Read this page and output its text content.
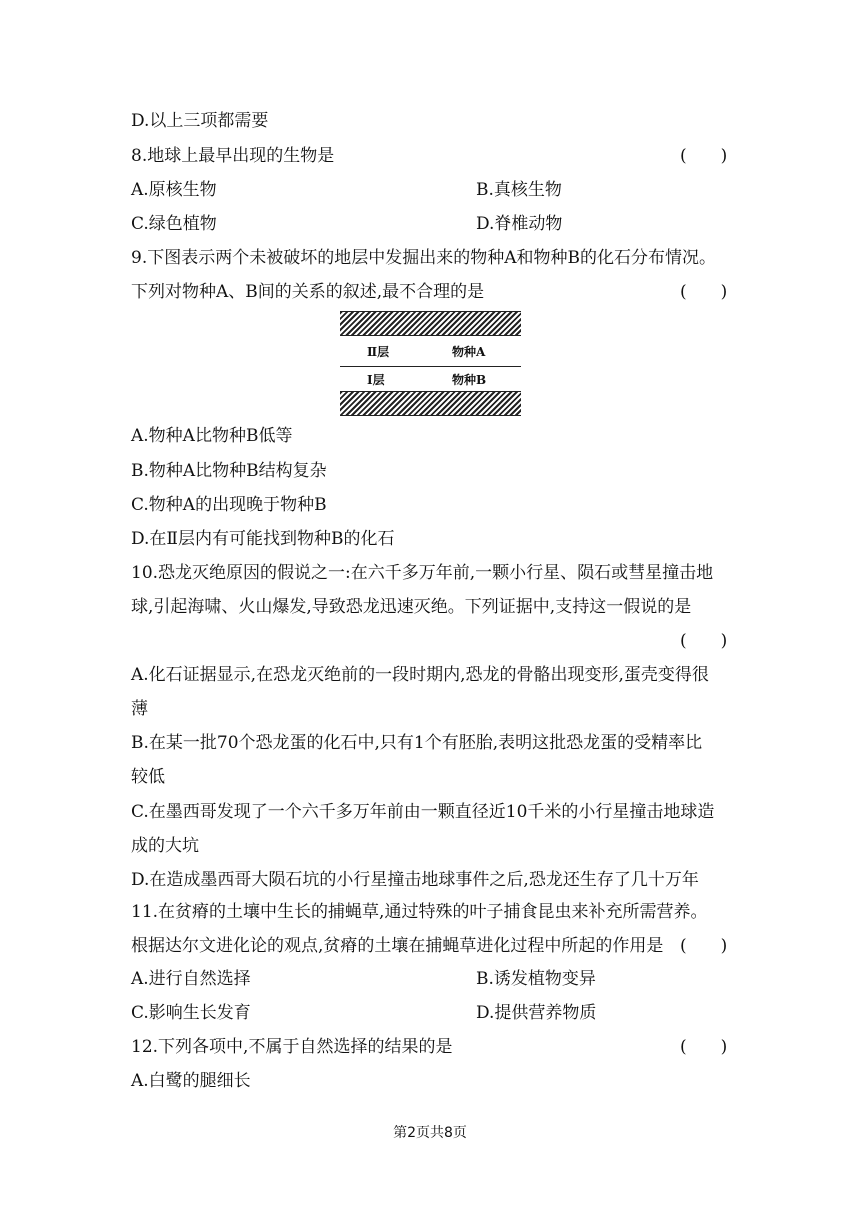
D.以上三项都需要
8.地球上最早出现的生物是	(　　)
A.原核生物	B.真核生物
C.绿色植物	D.脊椎动物
9.下图表示两个未被破坏的地层中发掘出来的物种A和物种B的化石分布情况。
下列对物种A、B间的关系的叙述,最不合理的是	(　　)
Ⅱ层	物种A
Ⅰ层	物种B
A.物种A比物种B低等
B.物种A比物种B结构复杂
C.物种A的出现晚于物种B
D.在Ⅱ层内有可能找到物种B的化石
10.恐龙灭绝原因的假说之一:在六千多万年前,一颗小行星、陨石或彗星撞击地
球,引起海啸、火山爆发,导致恐龙迅速灭绝。下列证据中,支持这一假说的是
(　　)
A.化石证据显示,在恐龙灭绝前的一段时期内,恐龙的骨骼出现变形,蛋壳变得很
薄
B.在某一批70个恐龙蛋的化石中,只有1个有胚胎,表明这批恐龙蛋的受精率比
较低
C.在墨西哥发现了一个六千多万年前由一颗直径近10千米的小行星撞击地球造
成的大坑
D.在造成墨西哥大陨石坑的小行星撞击地球事件之后,恐龙还生存了几十万年
11.在贫瘠的土壤中生长的捕蝇草,通过特殊的叶子捕食昆虫来补充所需营养。
根据达尔文进化论的观点,贫瘠的土壤在捕蝇草进化过程中所起的作用是 (　　)
A.进行自然选择	B.诱发植物变异
C.影响生长发育	D.提供营养物质
12.下列各项中,不属于自然选择的结果的是	(　　)
A.白鹭的腿细长
第2页共8页
